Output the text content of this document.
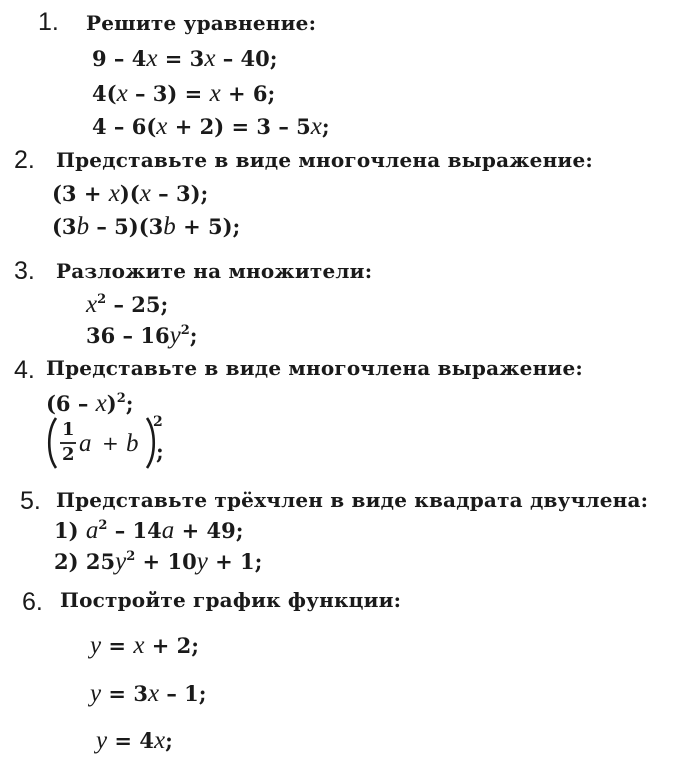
1. Решите уравнение:
9 – 4x = 3x – 40;
4(x – 3) = x + 6;
4 – 6(x + 2) = 3 – 5x;
2. Представьте в виде многочлена выражение:
(3 + x)(x – 3);
(3b – 5)(3b + 5);
3. Разложите на множители:
$x^2 - 25$;
$36 - 16y^2$;
4. Представьте в виде многочлена выражение:
(6 – x)$^2$;
1
2 a + b
2
;
5. Представьте трёхчлен в виде квадрата двучлена:
1) $a^2 - 14a + 49$;
2) $25y^2 + 10y + 1$;
6. Постройте график функции:
y = x + 2;
y = 3x – 1;
y = 4x;
